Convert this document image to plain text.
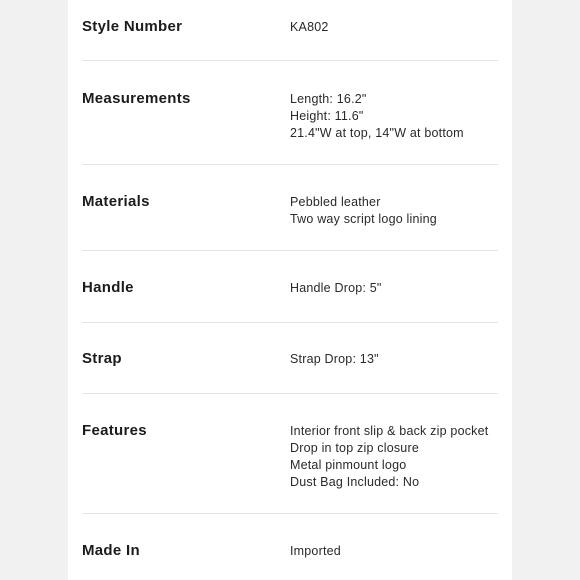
Style Number	KA802
Measurements	Length: 16.2"
Height: 11.6"
21.4"W at top, 14"W at bottom
Materials	Pebbled leather
Two way script logo lining
Handle	Handle Drop: 5"
Strap	Strap Drop: 13"
Features	Interior front slip & back zip pocket
Drop in top zip closure
Metal pinmount logo
Dust Bag Included: No
Made In	Imported
